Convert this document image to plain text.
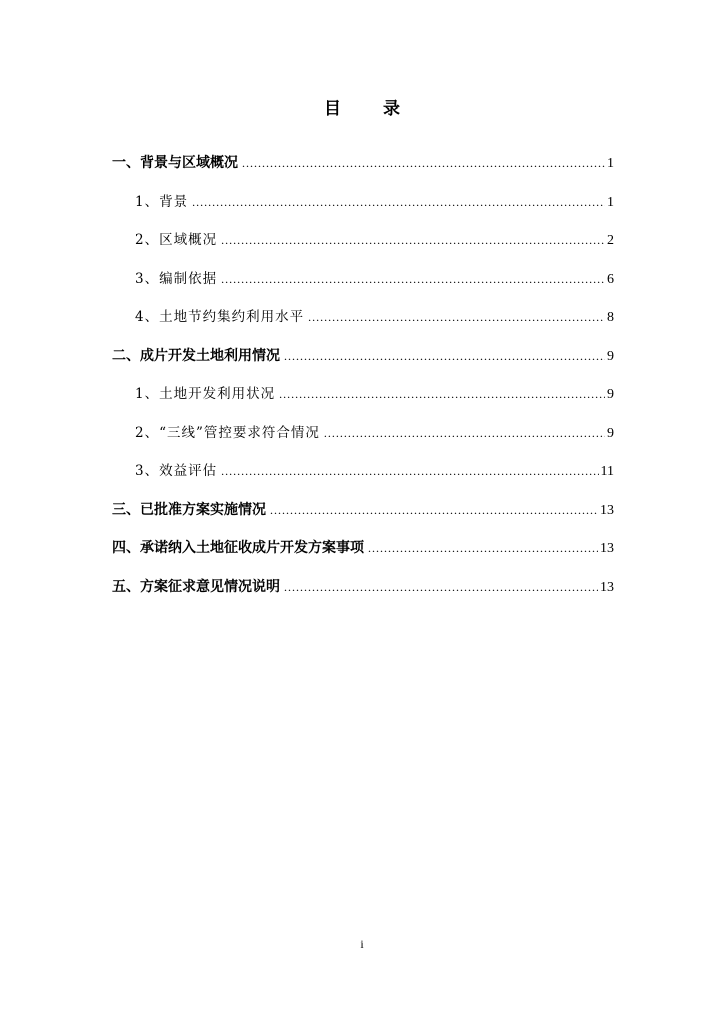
目 录
一、背景与区域概况 .....	1
1、背景 .....	1
2、区域概况 .....	2
3、编制依据 .....	6
4、土地节约集约利用水平 .....	8
二、成片开发土地利用情况 .....	9
1、土地开发利用状况 .....	9
2、“三线”管控要求符合情况 .....	9
3、效益评估 .....	11
三、已批准方案实施情况 .....	13
四、承诺纳入土地征收成片开发方案事项 .....	13
五、方案征求意见情况说明 .....	13
i
